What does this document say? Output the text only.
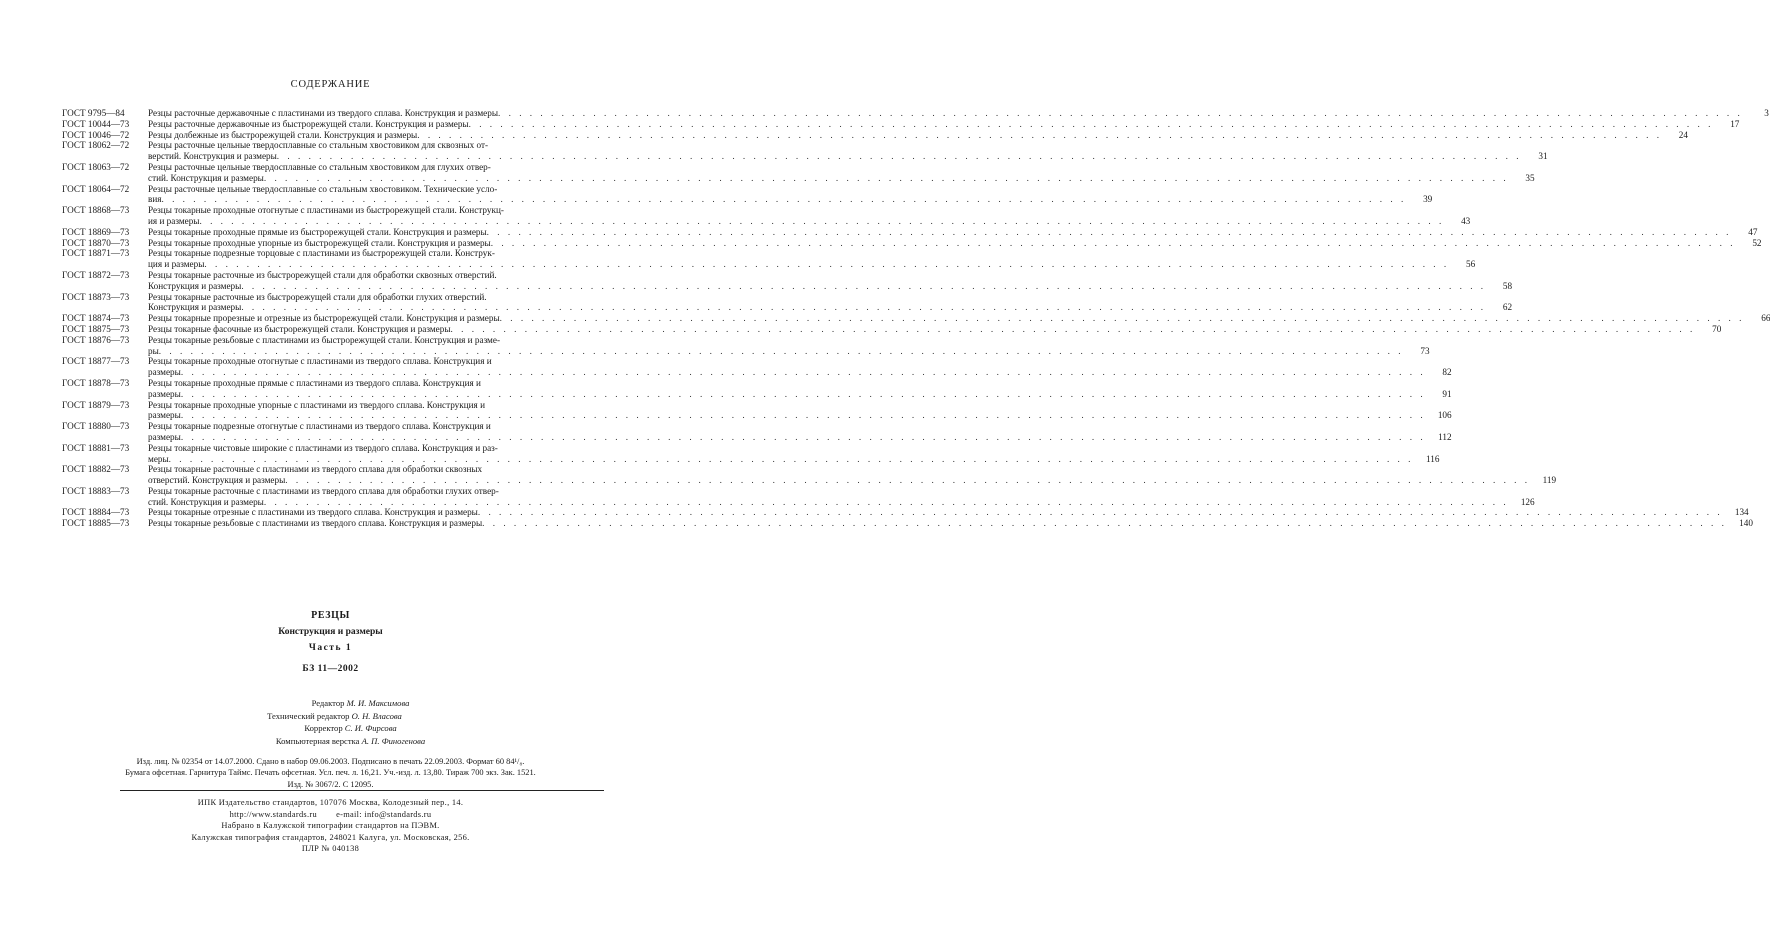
СОДЕРЖАНИЕ
ГОСТ 9795—84	Резцы расточные державочные с пластинами из твердого сплава. Конструкция и размеры . . .	3
ГОСТ 10044—73	Резцы расточные державочные из быстрорежущей стали. Конструкция и размеры . . .	17
ГОСТ 10046—72	Резцы долбежные из быстрорежущей стали. Конструкция и размеры . . .	24
ГОСТ 18062—72	Резцы расточные цельные твердосплавные со стальным хвостовиком для сквозных от-
верстий. Конструкция и размеры . . .	31
ГОСТ 18063—72	Резцы расточные цельные твердосплавные со стальным хвостовиком для глухих отвер-
стий. Конструкция и размеры . . .	35
ГОСТ 18064—72	Резцы расточные цельные твердосплавные со стальным хвостовиком. Технические усло-
вия . . .	39
ГОСТ 18868—73	Резцы токарные проходные отогнутые с пластинами из быстрорежущей стали. Конструкц-
ия и размеры . . .	43
ГОСТ 18869—73	Резцы токарные проходные прямые из быстрорежущей стали. Конструкция и размеры . . .	47
ГОСТ 18870—73	Резцы токарные проходные упорные из быстрорежущей стали. Конструкция и размеры . . .	52
ГОСТ 18871—73	Резцы токарные подрезные торцовые с пластинами из быстрорежущей стали. Конструк-
ция и размеры . . .	56
ГОСТ 18872—73	Резцы токарные расточные из быстрорежущей стали для обработки сквозных отверстий.
Конструкция и размеры . . .	58
ГОСТ 18873—73	Резцы токарные расточные из быстрорежущей стали для обработки глухих отверстий.
Конструкция и размеры . . .	62
ГОСТ 18874—73	Резцы токарные прорезные и отрезные из быстрорежущей стали. Конструкция и размеры . . .	66
ГОСТ 18875—73	Резцы токарные фасочные из быстрорежущей стали. Конструкция и размеры . . .	70
ГОСТ 18876—73	Резцы токарные резьбовые с пластинами из быстрорежущей стали. Конструкция и разме-
ры . . .	73
ГОСТ 18877—73	Резцы токарные проходные отогнутые с пластинами из твердого сплава. Конструкция и
размеры . . .	82
ГОСТ 18878—73	Резцы токарные проходные прямые с пластинами из твердого сплава. Конструкция и
размеры . . .	91
ГОСТ 18879—73	Резцы токарные проходные упорные с пластинами из твердого сплава. Конструкция и
размеры . . .	106
ГОСТ 18880—73	Резцы токарные подрезные отогнутые с пластинами из твердого сплава. Конструкция и
размеры . . .	112
ГОСТ 18881—73	Резцы токарные чистовые широкие с пластинами из твердого сплава. Конструкция и раз-
меры . . .	116
ГОСТ 18882—73	Резцы токарные расточные с пластинами из твердого сплава для обработки сквозных
отверстий. Конструкция и размеры . . .	119
ГОСТ 18883—73	Резцы токарные расточные с пластинами из твердого сплава для обработки глухих отвер-
стий. Конструкция и размеры . . .	126
ГОСТ 18884—73	Резцы токарные отрезные с пластинами из твердого сплава. Конструкция и размеры . . .	134
ГОСТ 18885—73	Резцы токарные резьбовые с пластинами из твердого сплава. Конструкция и размеры . . .	140
РЕЗЦЫ
Конструкция и размеры
Часть 1
БЗ 11—2002
Редактор М. И. Максимова
Технический редактор О. Н. Власова
Корректор С. И. Фирсова
Компьютерная верстка А. П. Финогенова
Изд. лиц. № 02354 от 14.07.2000. Сдано в набор 09.06.2003. Подписано в печать 22.09.2003. Формат 60 84¹/₈.
Бумага офсетная. Гарнитура Таймс. Печать офсетная. Усл. печ. л. 16,21. Уч.-изд. л. 13,80. Тираж 700 экз. Зак. 1521.
Изд. № 3067/2. С 12095.
ИПК Издательство стандартов, 107076 Москва, Колодезный пер., 14.
http://www.standards.ru        e-mail: info@standards.ru
Набрано в Калужской типографии стандартов на ПЭВМ.
Калужская типография стандартов, 248021 Калуга, ул. Московская, 256.
ПЛР № 040138
